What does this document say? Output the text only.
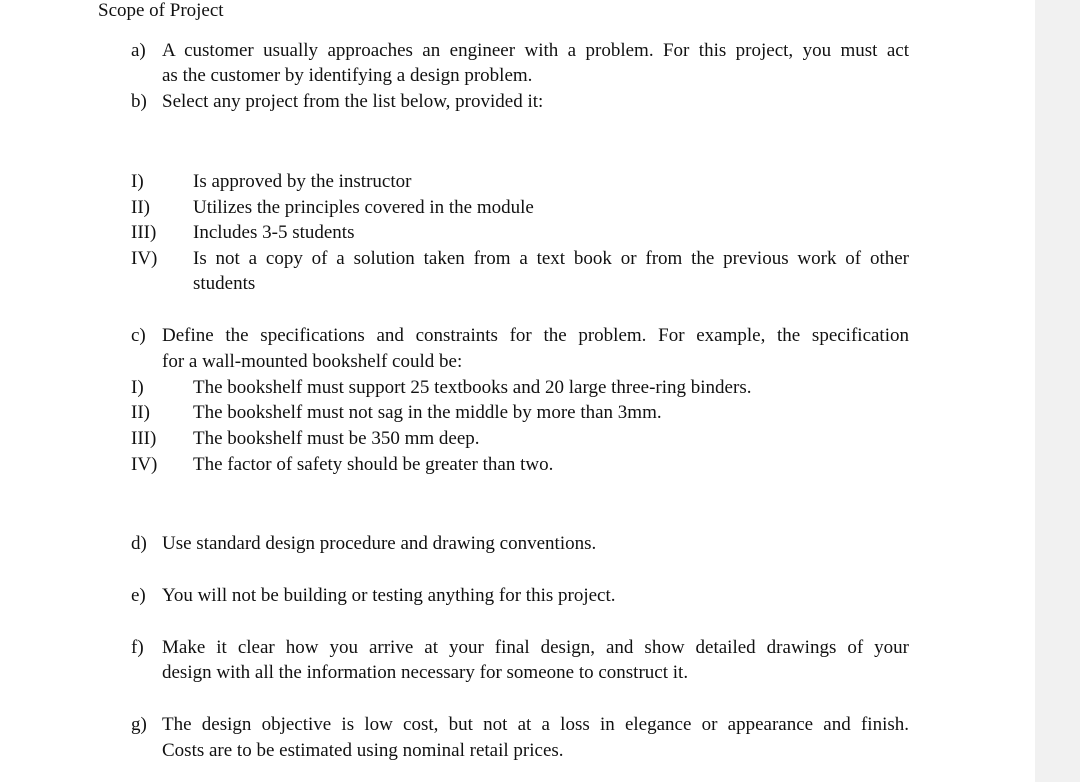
Scope of Project
a) A customer usually approaches an engineer with a problem. For this project, you must act
as the customer by identifying a design problem.
b) Select any project from the list below, provided it:
I)	Is approved by the instructor
II) Utilizes the principles covered in the module
III) Includes 3-5 students
IV) Is not a copy of a solution taken from a text book or from the previous work of other
students
c) Define the specifications and constraints for the problem. For example, the specification
for a wall-mounted bookshelf could be:
I)	The bookshelf must support 25 textbooks and 20 large three-ring binders.
II) The bookshelf must not sag in the middle by more than 3mm.
III) The bookshelf must be 350 mm deep.
IV) The factor of safety should be greater than two.
d) Use standard design procedure and drawing conventions.
e) You will not be building or testing anything for this project.
f) Make it clear how you arrive at your final design, and show detailed drawings of your
design with all the information necessary for someone to construct it.
g) The design objective is low cost, but not at a loss in elegance or appearance and finish.
Costs are to be estimated using nominal retail prices.
